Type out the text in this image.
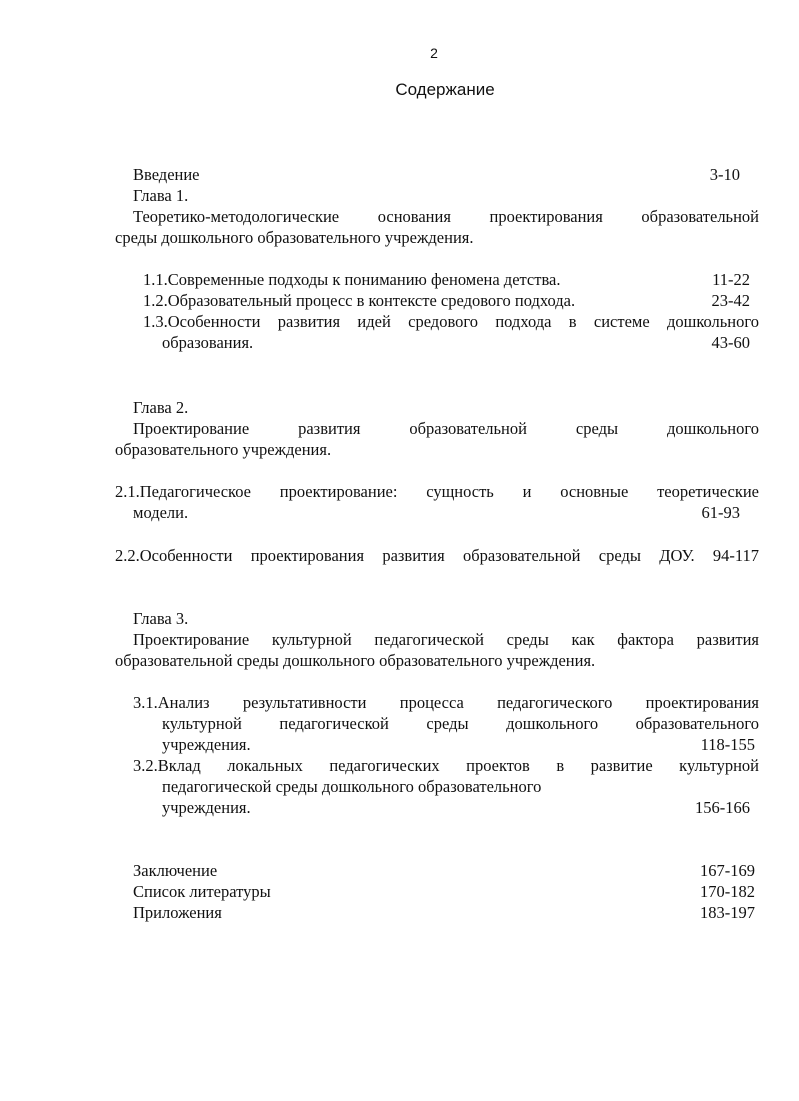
2
Содержание
Введение	3-10
Глава 1.
Теоретико-методологические основания проектирования образовательной
среды дошкольного образовательного учреждения.
1.1.Современные подходы к пониманию феномена детства.	11-22
1.2.Образовательный процесс в контексте средового подхода.	23-42
1.3.Особенности развития идей средового подхода в системе дошкольного
образования.	43-60
Глава 2.
Проектирование развития образовательной среды дошкольного
образовательного учреждения.
2.1.Педагогическое проектирование: сущность и основные теоретические
модели.	61-93
2.2.Особенности проектирования развития образовательной среды ДОУ. 94-117
Глава 3.
Проектирование культурной педагогической среды как фактора развития
образовательной среды дошкольного образовательного учреждения.
3.1.Анализ результативности процесса педагогического проектирования
культурной педагогической среды дошкольного образовательного
учреждения.	118-155
3.2.Вклад локальных педагогических проектов в развитие культурной
педагогической среды дошкольного образовательного
учреждения.	156-166
Заключение	167-169
Список литературы	170-182
Приложения	183-197
